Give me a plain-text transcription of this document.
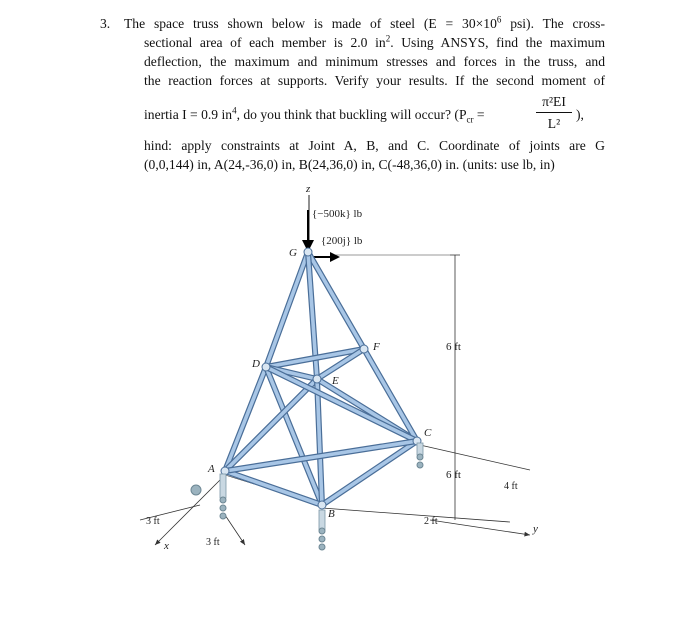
3. The space truss shown below is made of steel ($E = 30\times 10^6$ psi). The cross-
sectional area of each member is 2.0 $in^2$. Using ANSYS, find the maximum
deflection, the maximum and minimum stresses and forces in the truss, and
the reaction forces at supports. Verify your results. If the second moment of
inertia I = 0.9 $in^4$, do you think that buckling will occur? ($P_{cr}$ =	$\frac{\text{π²EI}}{\text{L²}}$ ),
hind: apply constraints at Joint A, B, and C. Coordinate of joints are G
(0,0,144) in, A(24,-36,0) in, B(24,36,0) in, C(-48,36,0) in. (units: use lb, in)
z
{−500k} lb
{200j} lb
G
D
F
E
C
A
B
6 ft
6 ft
4 ft
2 ft
3 ft
3 ft
x
y
